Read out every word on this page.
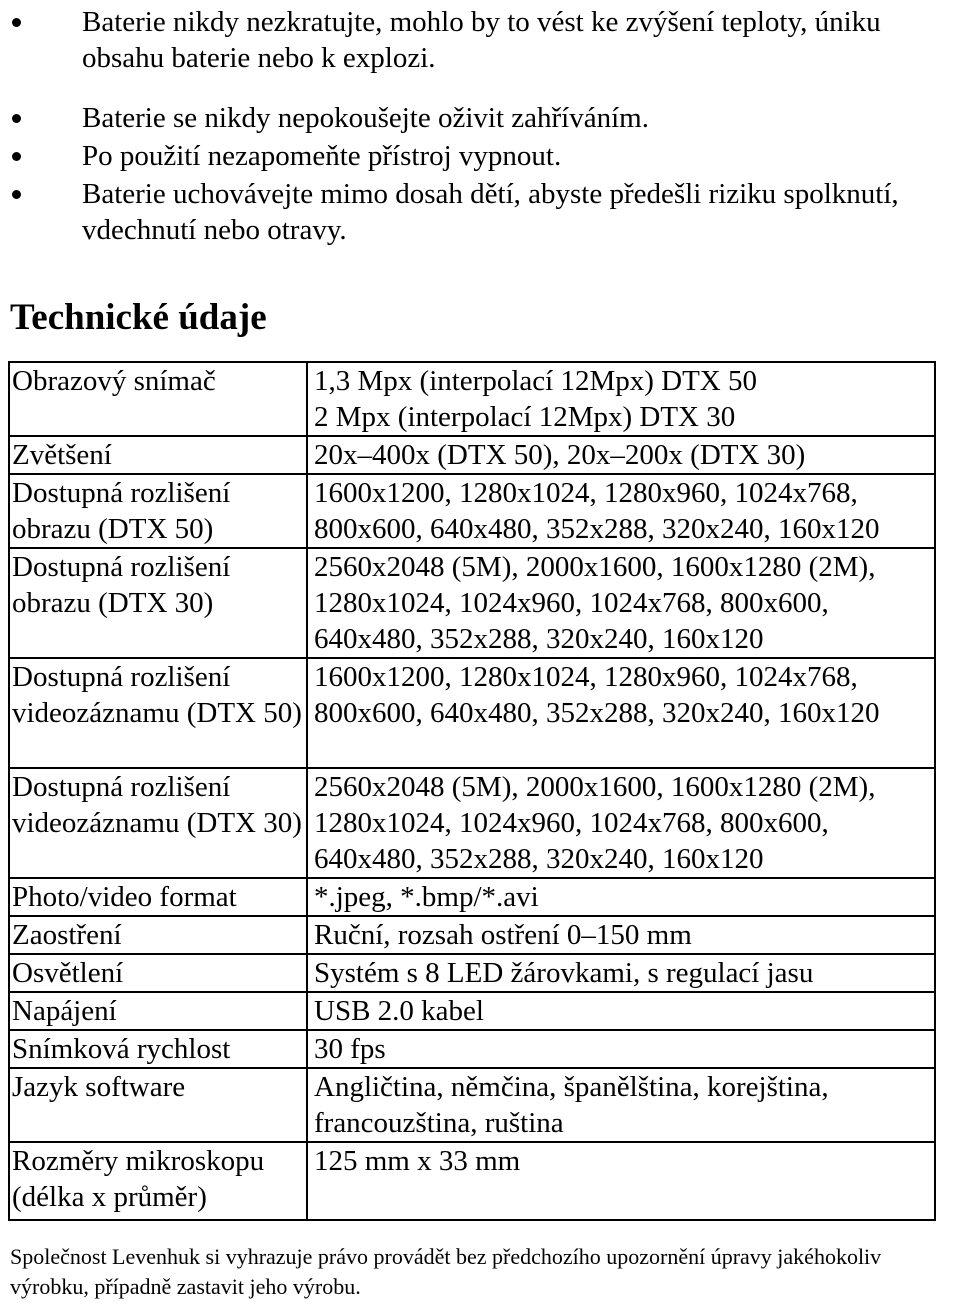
Baterie nikdy nezkratujte, mohlo by to vést ke zvýšení teploty, úniku obsahu baterie nebo k explozi.
Baterie se nikdy nepokoušejte oživit zahříváním.
Po použití nezapomeňte přístroj vypnout.
Baterie uchovávejte mimo dosah dětí, abyste předešli riziku spolknutí, vdechnutí nebo otravy.
Technické údaje
Obrazový snímač	1,3 Mpx (interpolací 12Mpx) DTX 50
2 Mpx (interpolací 12Mpx) DTX 30

Zvětšení	20x–400x (DTX 50), 20x–200x (DTX 30)
Dostupná rozlišení obrazu (DTX 50)	1600x1200, 1280x1024, 1280x960, 1024x768, 800x600, 640x480, 352x288, 320x240, 160x120
Dostupná rozlišení obrazu (DTX 30)	2560x2048 (5M), 2000x1600, 1600x1280 (2M), 1280x1024, 1024x960, 1024x768, 800x600, 640x480, 352x288, 320x240, 160x120
Dostupná rozlišení videozáznamu (DTX 50)	1600x1200, 1280x1024, 1280x960, 1024x768, 800x600, 640x480, 352x288, 320x240, 160x120
Dostupná rozlišení videozáznamu (DTX 30)	2560x2048 (5M), 2000x1600, 1600x1280 (2M), 1280x1024, 1024x960, 1024x768, 800x600, 640x480, 352x288, 320x240, 160x120
Photo/video format	*.jpeg, *.bmp/*.avi
Zaostření	Ruční, rozsah ostření 0–150 mm
Osvětlení	Systém s 8 LED žárovkami, s regulací jasu
Napájení	USB 2.0 kabel
Snímková rychlost	30 fps
Jazyk software	Angličtina, němčina, španělština, korejština, francouzština, ruština
Rozměry mikroskopu (délka x průměr)	125 mm x 33 mm
Společnost Levenhuk si vyhrazuje právo provádět bez předchozího upozornění úpravy jakéhokoliv výrobku, případně zastavit jeho výrobu.
